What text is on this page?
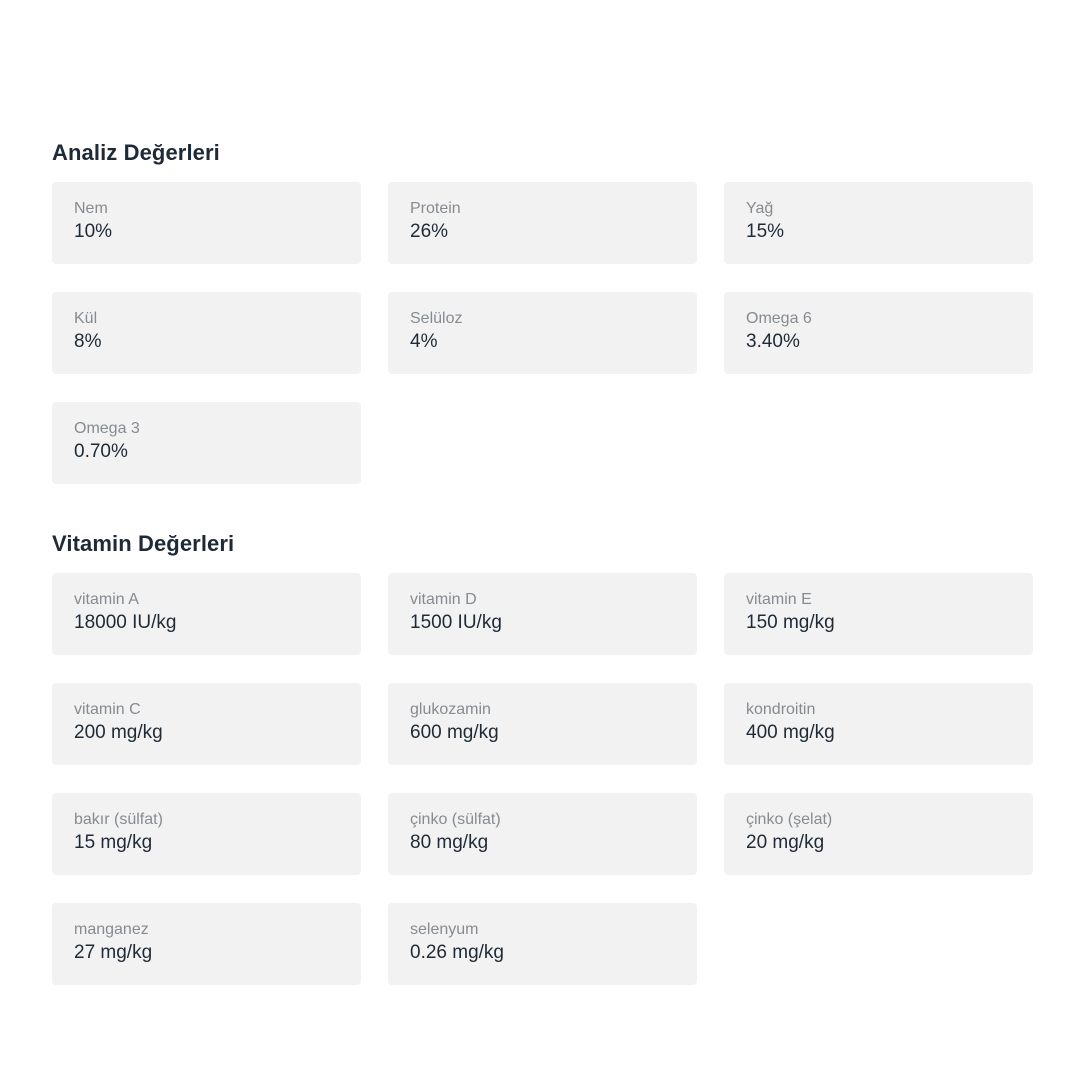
Analiz Değerleri
Nem
10%
Protein
26%
Yağ
15%
Kül
8%
Selüloz
4%
Omega 6
3.40%
Omega 3
0.70%
Vitamin Değerleri
vitamin A
18000 IU/kg
vitamin D
1500 IU/kg
vitamin E
150 mg/kg
vitamin C
200 mg/kg
glukozamin
600 mg/kg
kondroitin
400 mg/kg
bakır (sülfat)
15 mg/kg
çinko (sülfat)
80 mg/kg
çinko (şelat)
20 mg/kg
manganez
27 mg/kg
selenyum
0.26 mg/kg
